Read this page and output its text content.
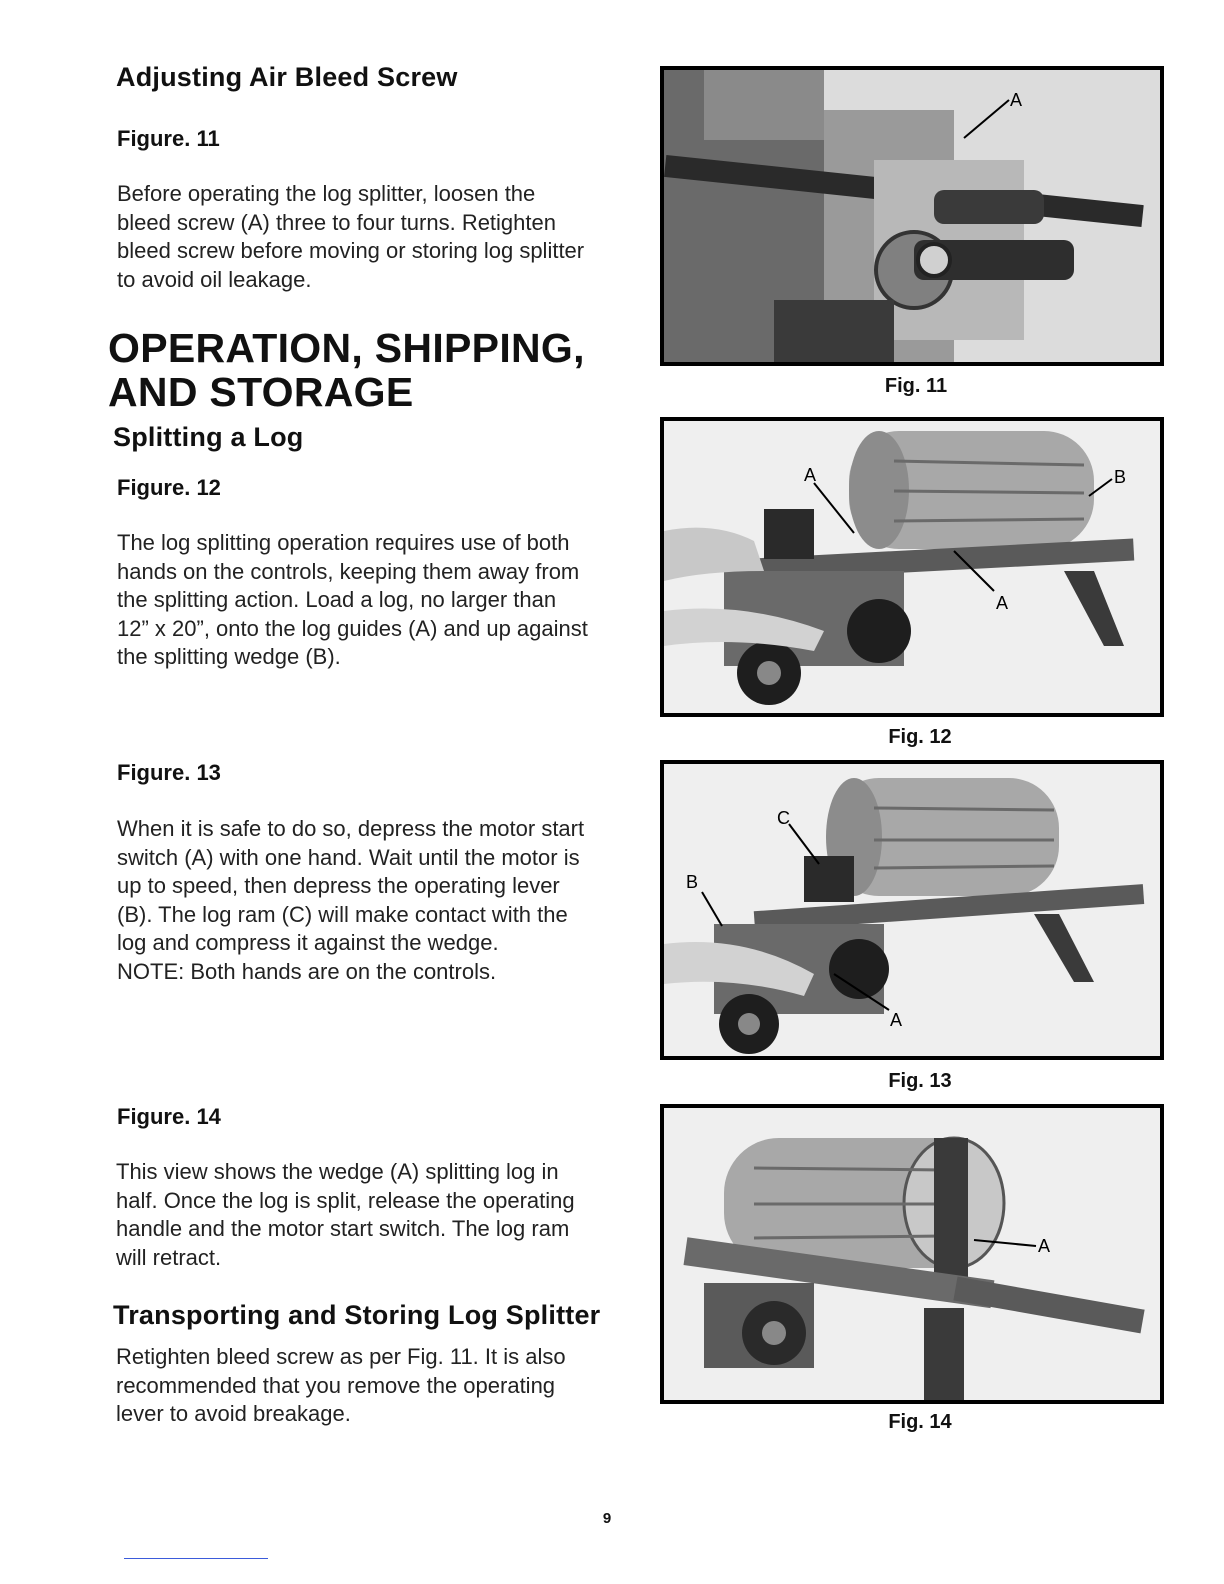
Adjusting Air Bleed Screw

Figure. 11

Before operating the log splitter, loosen the
bleed screw (A) three to four turns. Retighten
bleed screw before moving or storing log splitter
to avoid oil leakage.
OPERATION, SHIPPING,
AND STORAGE
Splitting a Log

Figure. 12

The log splitting operation requires use of both
hands on the controls, keeping them away from
the splitting action. Load a log, no larger than
12” x 20”, onto the log guides (A) and up against
the splitting wedge (B).

Figure. 13

When it is safe to do so, depress the motor start
switch (A) with one hand. Wait until the motor is
up to speed, then depress the operating lever
(B). The log ram (C) will make contact with the
log and compress it against the wedge.
NOTE: Both hands are on the controls.

Figure. 14

This view shows the wedge (A) splitting log in
half. Once the log is split, release the operating
handle and the motor start switch. The log ram
will retract.
Transporting and Storing Log Splitter
Retighten bleed screw as per Fig. 11. It is also
recommended that you remove the operating
lever to avoid breakage.
A
Fig. 11
A	B
A
Fig. 12
C
B
A
Fig. 13
A
Fig. 14
9
